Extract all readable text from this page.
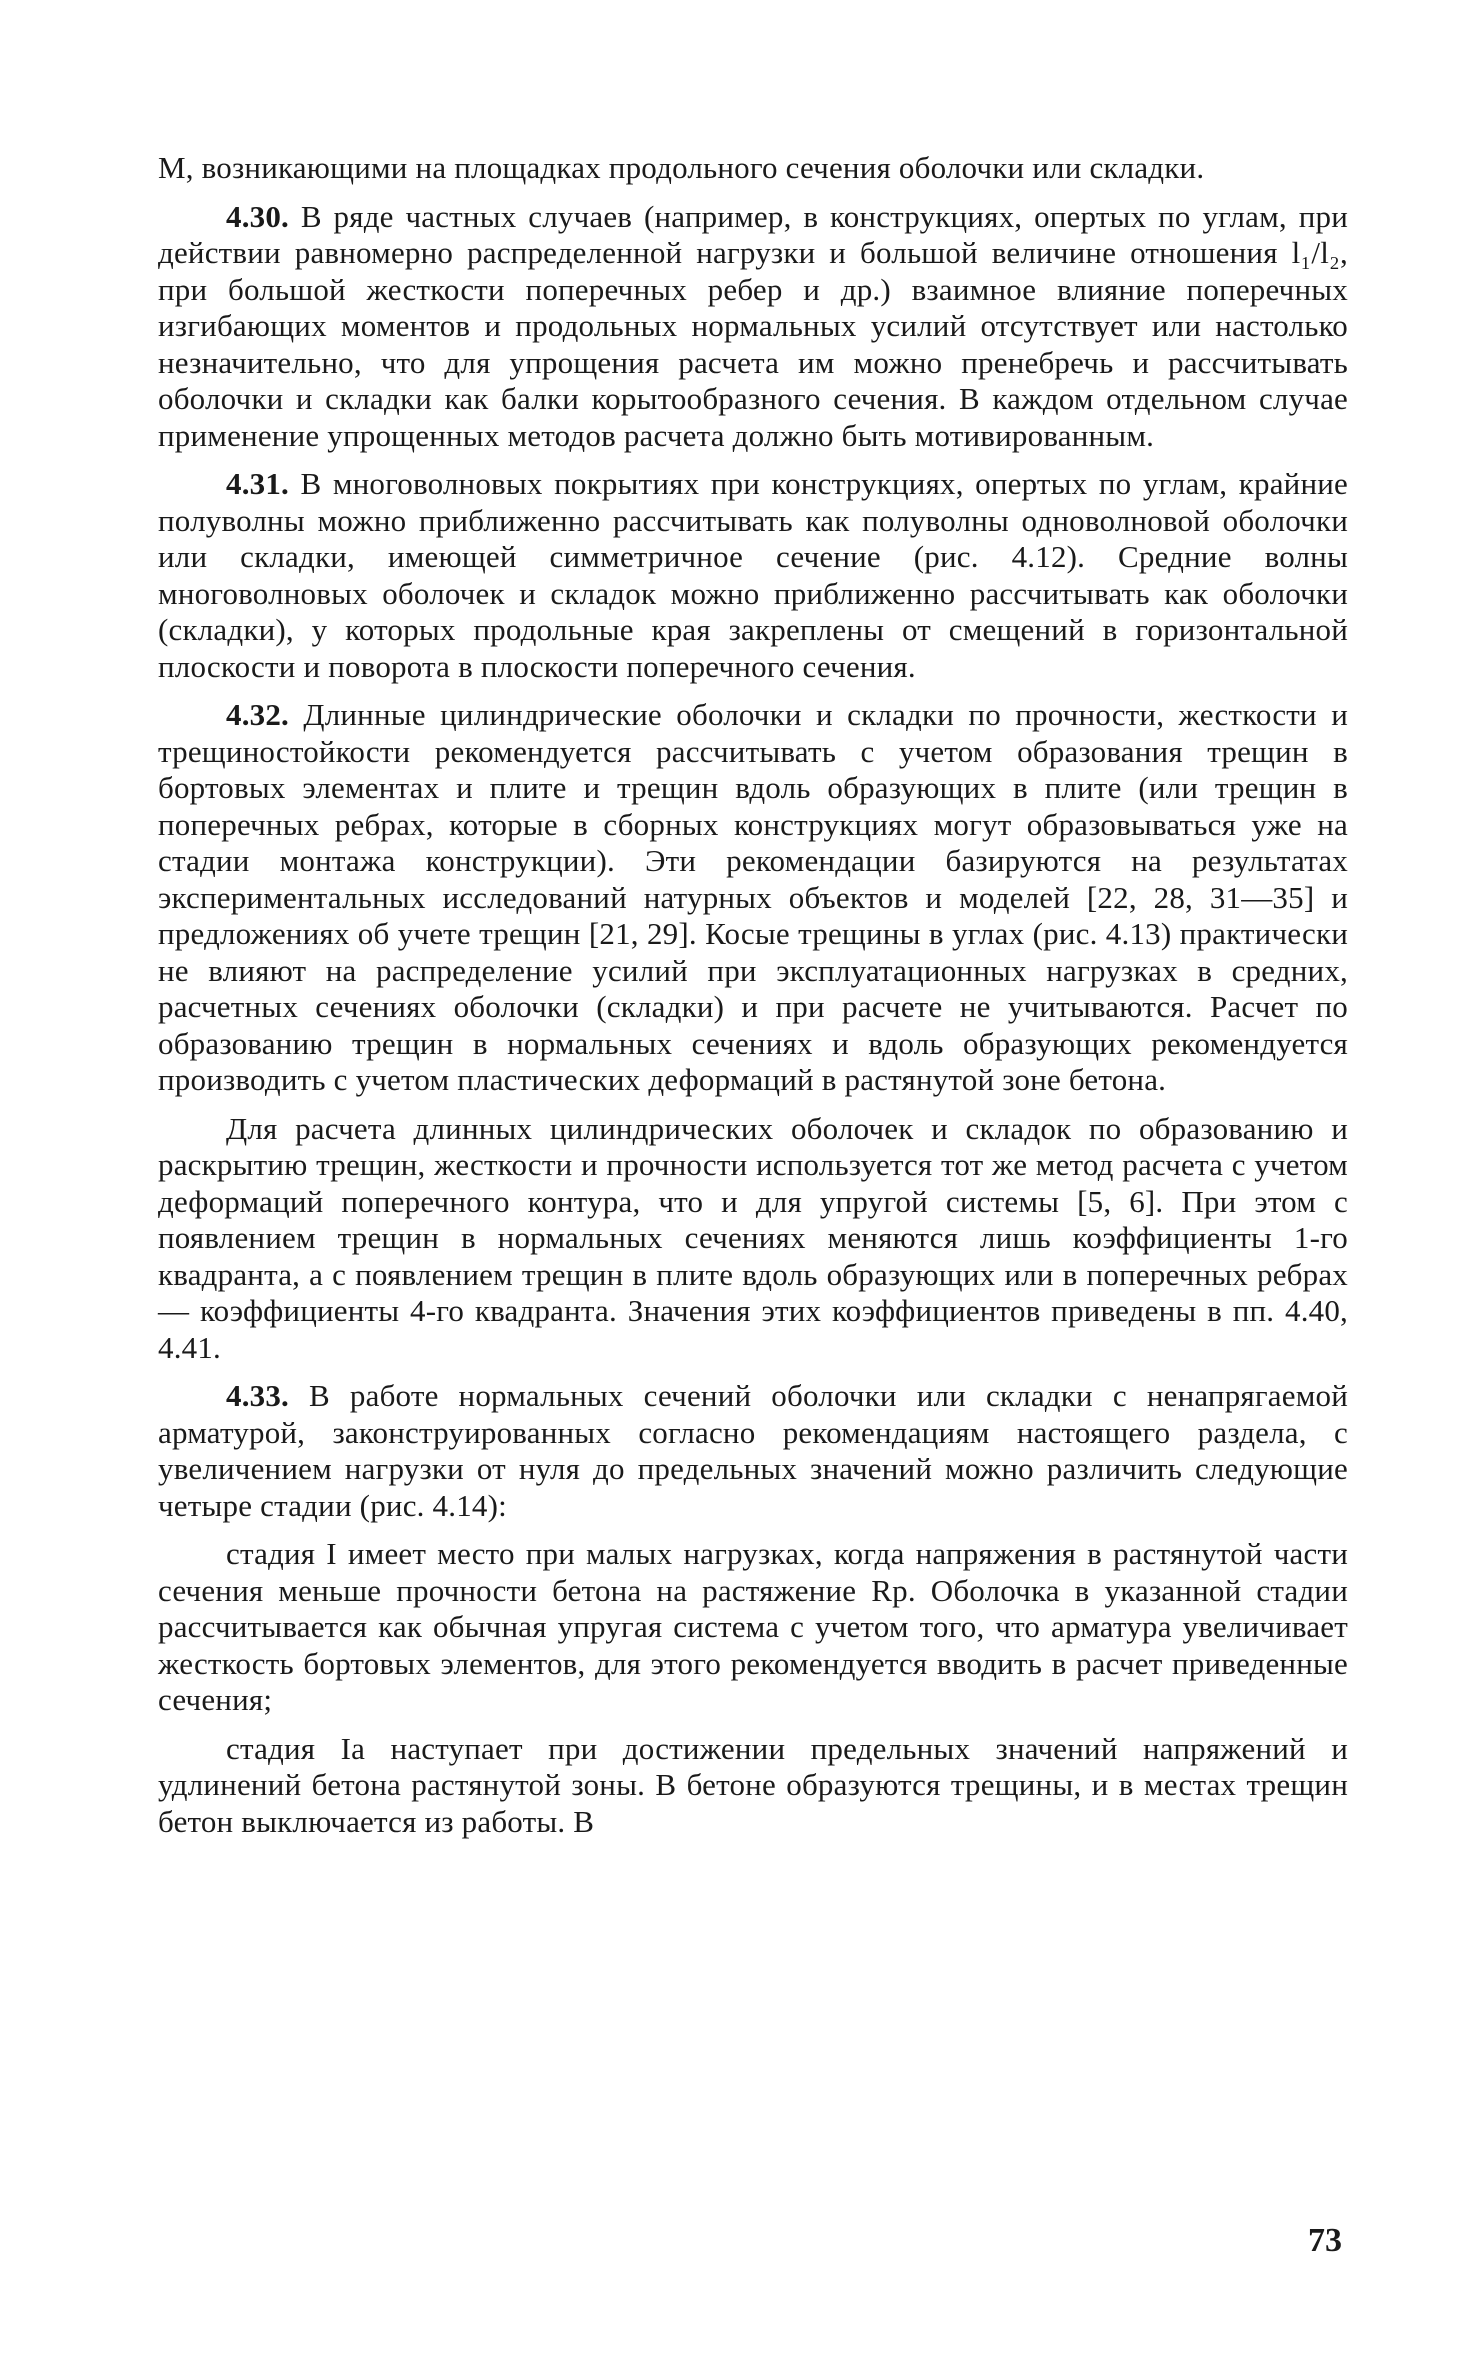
M, возникающими на площадках продольного сечения оболочки или складки.

4.30. В ряде частных случаев (например, в конструкциях, опертых по углам, при действии равномерно распределенной нагрузки и большой величине отношения l₁/l₂, при большой жесткости поперечных ребер и др.) взаимное влияние поперечных изгибающих моментов и продольных нормальных усилий отсутствует или настолько незначительно, что для упрощения расчета им можно пренебречь и рассчитывать оболочки и складки как балки корытообразного сечения. В каждом отдельном случае применение упрощенных методов расчета должно быть мотивированным.

4.31. В многоволновых покрытиях при конструкциях, опертых по углам, крайние полуволны можно приближенно рассчитывать как полуволны одноволновой оболочки или складки, имеющей симметричное сечение (рис. 4.12). Средние волны многоволновых оболочек и складок можно приближенно рассчитывать как оболочки (складки), у которых продольные края закреплены от смещений в горизонтальной плоскости и поворота в плоскости поперечного сечения.

4.32. Длинные цилиндрические оболочки и складки по прочности, жесткости и трещиностойкости рекомендуется рассчитывать с учетом образования трещин в бортовых элементах и плите и трещин вдоль образующих в плите (или трещин в поперечных ребрах, которые в сборных конструкциях могут образовываться уже на стадии монтажа конструкции). Эти рекомендации базируются на результатах экспериментальных исследований натурных объектов и моделей [22, 28, 31—35] и предложениях об учете трещин [21, 29]. Косые трещины в углах (рис. 4.13) практически не влияют на распределение усилий при эксплуатационных нагрузках в средних, расчетных сечениях оболочки (складки) и при расчете не учитываются. Расчет по образованию трещин в нормальных сечениях и вдоль образующих рекомендуется производить с учетом пластических деформаций в растянутой зоне бетона.

Для расчета длинных цилиндрических оболочек и складок по образованию и раскрытию трещин, жесткости и прочности используется тот же метод расчета с учетом деформаций поперечного контура, что и для упругой системы [5, 6]. При этом с появлением трещин в нормальных сечениях меняются лишь коэффициенты 1-го квадранта, а с появлением трещин в плите вдоль образующих или в поперечных ребрах — коэффициенты 4-го квадранта. Значения этих коэффициентов приведены в пп. 4.40, 4.41.

4.33. В работе нормальных сечений оболочки или складки с ненапрягаемой арматурой, законструированных согласно рекомендациям настоящего раздела, с увеличением нагрузки от нуля до предельных значений можно различить следующие четыре стадии (рис. 4.14):

стадия I имеет место при малых нагрузках, когда напряжения в растянутой части сечения меньше прочности бетона на растяжение Rр. Оболочка в указанной стадии рассчитывается как обычная упругая система с учетом того, что арматура увеличивает жесткость бортовых элементов, для этого рекомендуется вводить в расчет приведенные сечения;

стадия Iа наступает при достижении предельных значений напряжений и удлинений бетона растянутой зоны. В бетоне образуются трещины, и в местах трещин бетон выключается из работы. В

73
